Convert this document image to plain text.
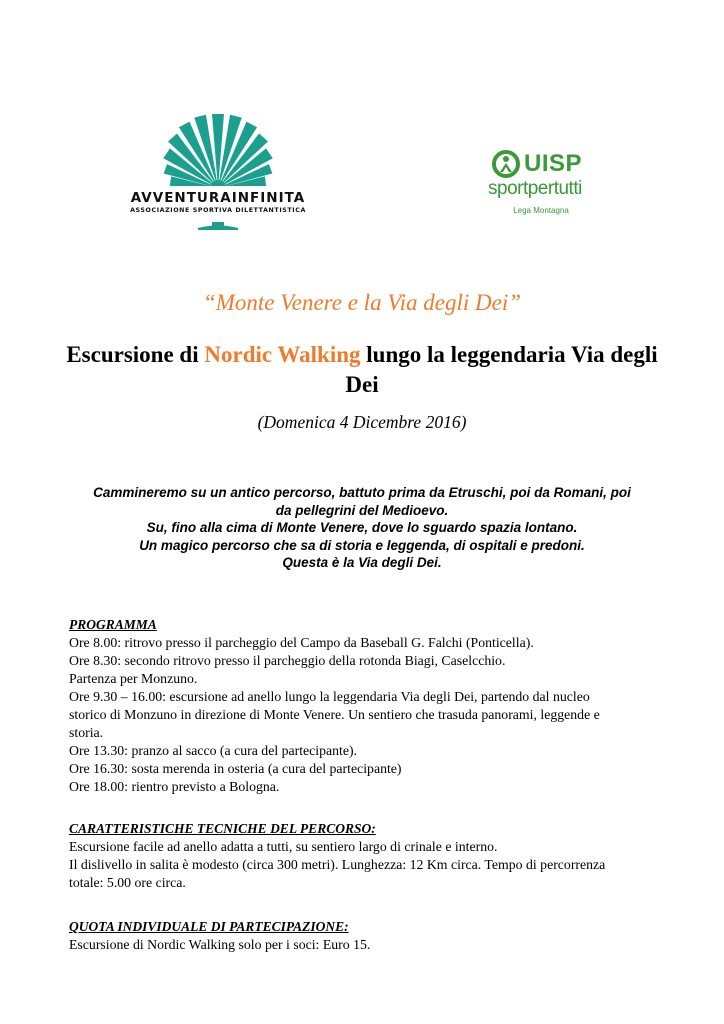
AVVENTURAINFINITA
ASSOCIAZIONE SPORTIVA DILETTANTISTICA
UISP
sportpertutti
Lega Montagna
“Monte Venere e la Via degli Dei”
Escursione di Nordic Walking lungo la leggendaria Via degli Dei
(Domenica 4 Dicembre 2016)
Cammineremo su un antico percorso, battuto prima da Etruschi, poi da Romani, poi
da pellegrini del Medioevo.
Su, fino alla cima di Monte Venere, dove lo sguardo spazia lontano.
Un magico percorso che sa di storia e leggenda, di ospitali e predoni.
Questa è la Via degli Dei.
PROGRAMMA
Ore 8.00: ritrovo presso il parcheggio del Campo da Baseball G. Falchi (Ponticella).
Ore 8.30: secondo ritrovo presso il parcheggio della rotonda Biagi, Caselcchio.
Partenza per Monzuno.
Ore 9.30 – 16.00: escursione ad anello lungo la leggendaria Via degli Dei, partendo dal nucleo
storico di Monzuno in direzione di Monte Venere. Un sentiero che trasuda panorami, leggende e
storia.
Ore 13.30: pranzo al sacco (a cura del partecipante).
Ore 16.30: sosta merenda in osteria (a cura del partecipante)
Ore 18.00: rientro previsto a Bologna.
CARATTERISTICHE TECNICHE DEL PERCORSO:
Escursione facile ad anello adatta a tutti, su sentiero largo di crinale e interno.
Il dislivello in salita è modesto (circa 300 metri). Lunghezza: 12 Km circa. Tempo di percorrenza
totale: 5.00 ore circa.
QUOTA INDIVIDUALE DI PARTECIPAZIONE:
Escursione di Nordic Walking solo per i soci: Euro 15.
